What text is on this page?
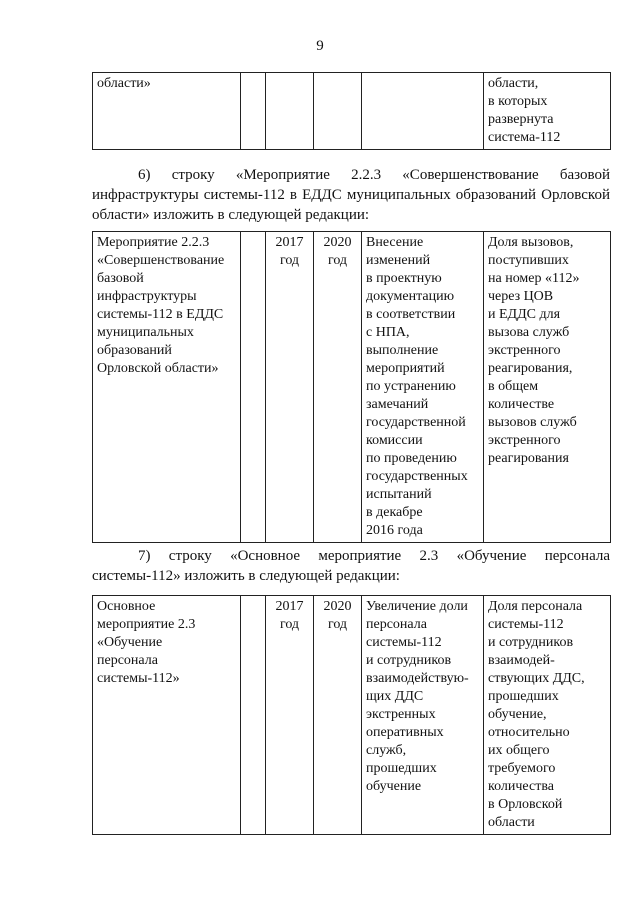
9
области»					области,
в которых
развернута
система-112
6) строку «Мероприятие 2.2.3 «Совершенствование базовой инфраструктуры системы-112 в ЕДДС муниципальных образований Орловской области» изложить в следующей редакции:
Мероприятие 2.2.3
«Совершенствование
базовой
инфраструктуры
системы-112 в ЕДДС
муниципальных
образований
Орловской области»		2017
год	2020
год	Внесение
изменений
в проектную
документацию
в соответствии
с НПА,
выполнение
мероприятий
по устранению
замечаний
государственной
комиссии
по проведению
государственных
испытаний
в декабре
2016 года	Доля вызовов,
поступивших
на номер «112»
через ЦОВ
и ЕДДС для
вызова служб
экстренного
реагирования,
в общем
количестве
вызовов служб
экстренного
реагирования
7) строку «Основное мероприятие 2.3 «Обучение персонала системы-112» изложить в следующей редакции:
Основное
мероприятие 2.3
«Обучение
персонала
системы-112»		2017
год	2020
год	Увеличение доли
персонала
системы-112
и сотрудников
взаимодействую-
щих ДДС
экстренных
оперативных
служб,
прошедших
обучение	Доля персонала
системы-112
и сотрудников
взаимодей-
ствующих ДДС,
прошедших
обучение,
относительно
их общего
требуемого
количества
в Орловской
области
